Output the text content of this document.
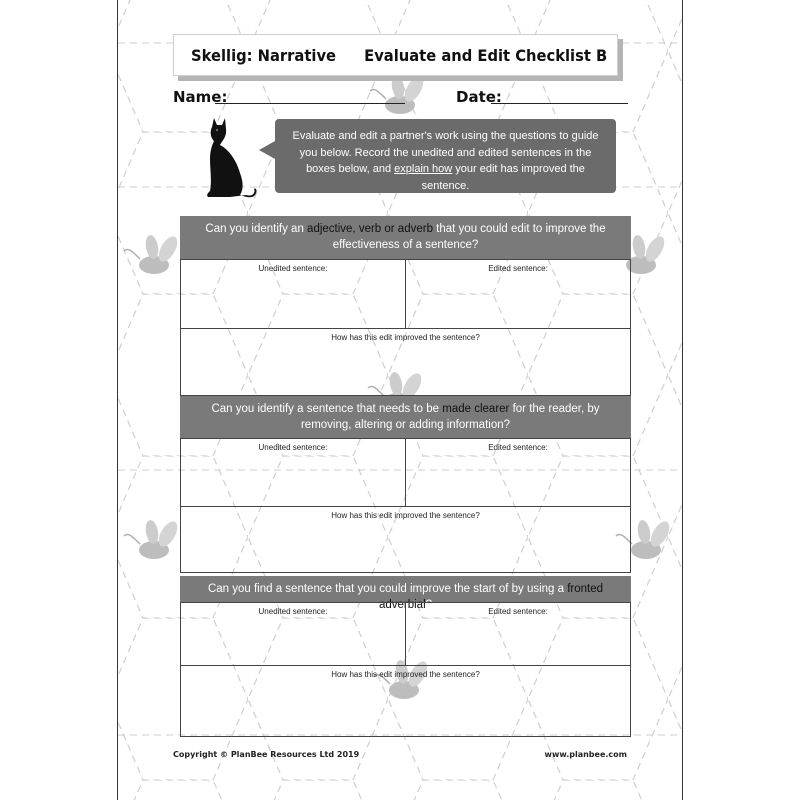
Skellig: Narrative Evaluate and Edit Checklist B
Name:	Date:
Evaluate and edit a partner's work using the questions to guide you below. Record the unedited and edited sentences in the boxes below, and explain how your edit has improved the sentence.
Can you identify an adjective, verb or adverb that you could edit to improve the effectiveness of a sentence?
Unedited sentence:	Edited sentence:
How has this edit improved the sentence?
Can you identify a sentence that needs to be made clearer for the reader, by removing, altering or adding information?
Unedited sentence:	Edited sentence:
How has this edit improved the sentence?
Can you find a sentence that you could improve the start of by using a fronted adverbial?
Unedited sentence:	Edited sentence:
How has this edit improved the sentence?
Copyright © PlanBee Resources Ltd 2019	www.planbee.com
